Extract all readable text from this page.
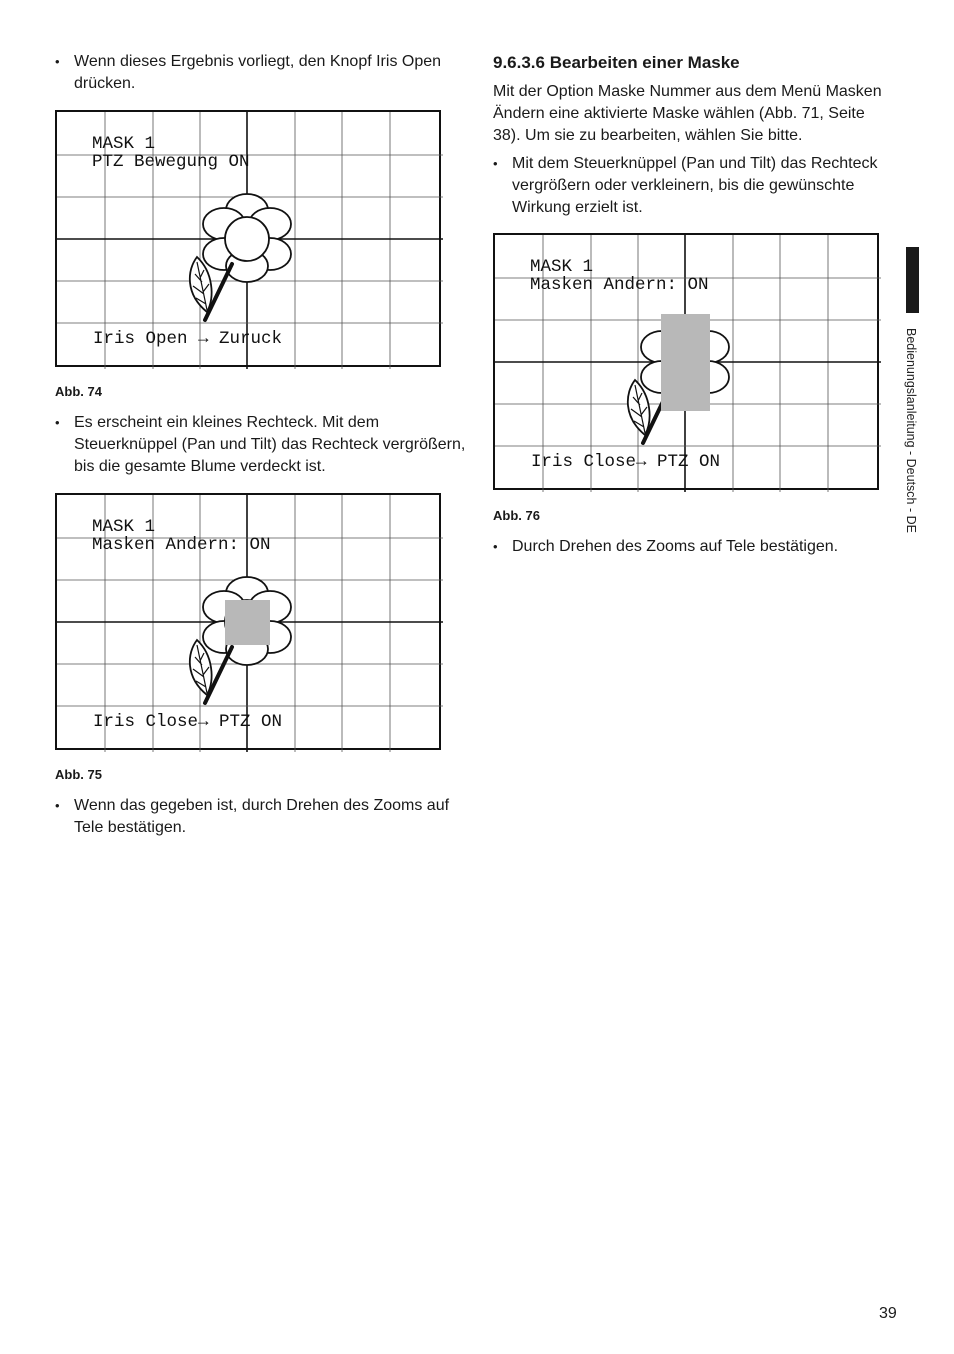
• Wenn dieses Ergebnis vorliegt, den Knopf Iris Open drücken.
MASK 1
PTZ Bewegung ON
Iris Open → Zuruck
Abb. 74
• Es erscheint ein kleines Rechteck. Mit dem Steuerknüppel (Pan und Tilt) das Rechteck vergrößern, bis die gesamte Blume verdeckt ist.
MASK 1
Masken Andern: ON
Iris Close→ PTZ ON
Abb. 75
• Wenn das gegeben ist, durch Drehen des Zooms auf Tele bestätigen.
9.6.3.6 Bearbeiten einer Maske
Mit der Option Maske Nummer aus dem Menü Masken Ändern eine aktivierte Maske wählen (Abb. 71, Seite 38). Um sie zu bearbeiten, wählen Sie bitte.
• Mit dem Steuerknüppel (Pan und Tilt) das Rechteck vergrößern oder verkleinern, bis die gewünschte Wirkung erzielt ist.
MASK 1
Masken Andern: ON
Iris Close→ PTZ ON
Abb. 76
• Durch Drehen des Zooms auf Tele bestätigen.
Bedienungslanleitung - Deutsch - DE
39
